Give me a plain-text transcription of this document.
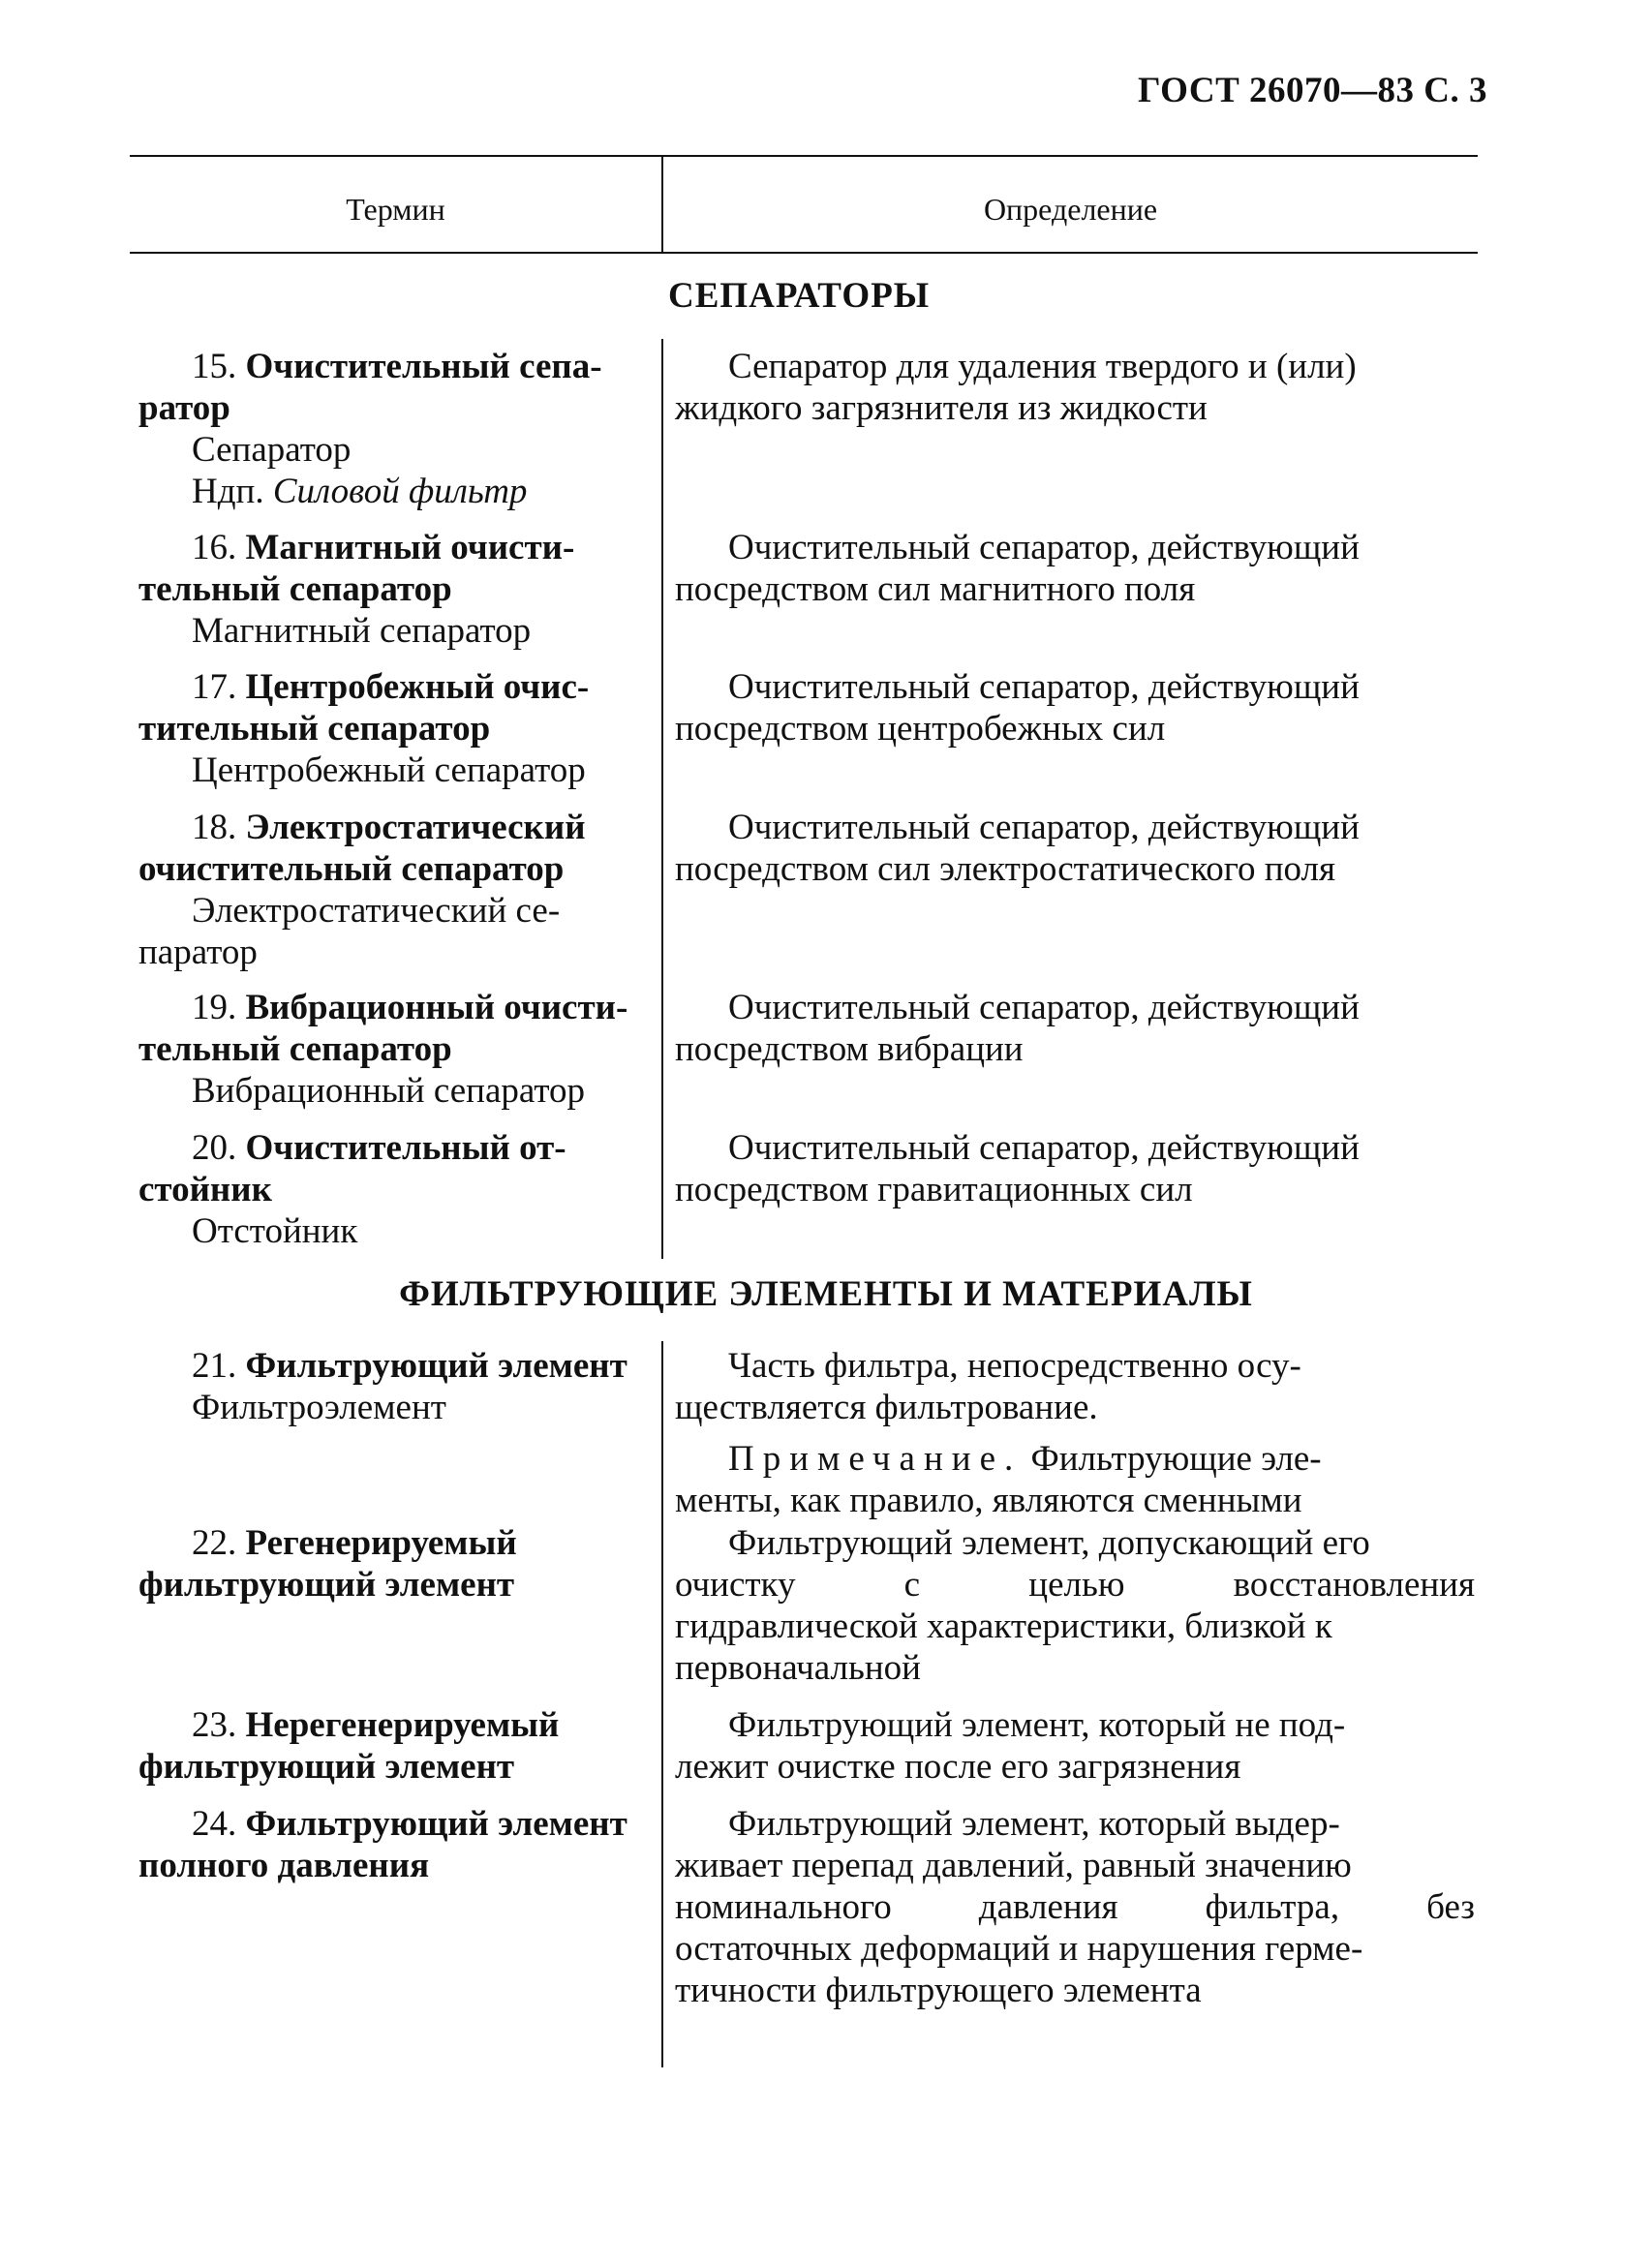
ГОСТ 26070—83 С. 3
Термин	Определение
СЕПАРАТОРЫ
ФИЛЬТРУЮЩИЕ ЭЛЕМЕНТЫ И МАТЕРИАЛЫ
15. Очистительный сепа-
ратор
Сепаратор
Ндп. Силовой фильтр
Сепаратор для удаления твердого и (или)
жидкого загрязнителя из жидкости
16. Магнитный очисти-
тельный сепаратор
Магнитный сепаратор
Очистительный сепаратор, действующий
посредством сил магнитного поля
17. Центробежный очис-
тительный сепаратор
Центробежный сепаратор
Очистительный сепаратор, действующий
посредством центробежных сил
18. Электростатический
очистительный сепаратор
Электростатический се-
паратор
Очистительный сепаратор, действующий
посредством сил электростатического поля
19. Вибрационный очисти-
тельный сепаратор
Вибрационный сепаратор
Очистительный сепаратор, действующий
посредством вибрации
20. Очистительный от-
стойник
Отстойник
Очистительный сепаратор, действующий
посредством гравитационных сил
21. Фильтрующий элемент
Фильтроэлемент
Часть фильтра, непосредственно осу-
ществляется фильтрование.
Примечание. Фильтрующие эле-
менты, как правило, являются сменными
22. Регенерируемый
фильтрующий элемент
Фильтрующий элемент, допускающий его
очистку с целью восстановления
гидравлической характеристики, близкой к
первоначальной
23. Нерегенерируемый
фильтрующий элемент
Фильтрующий элемент, который не под-
лежит очистке после его загрязнения
24. Фильтрующий элемент
полного давления
Фильтрующий элемент, который выдер-
живает перепад давлений, равный значению
номинального давления фильтра, без
остаточных деформаций и нарушения герме-
тичности фильтрующего элемента
